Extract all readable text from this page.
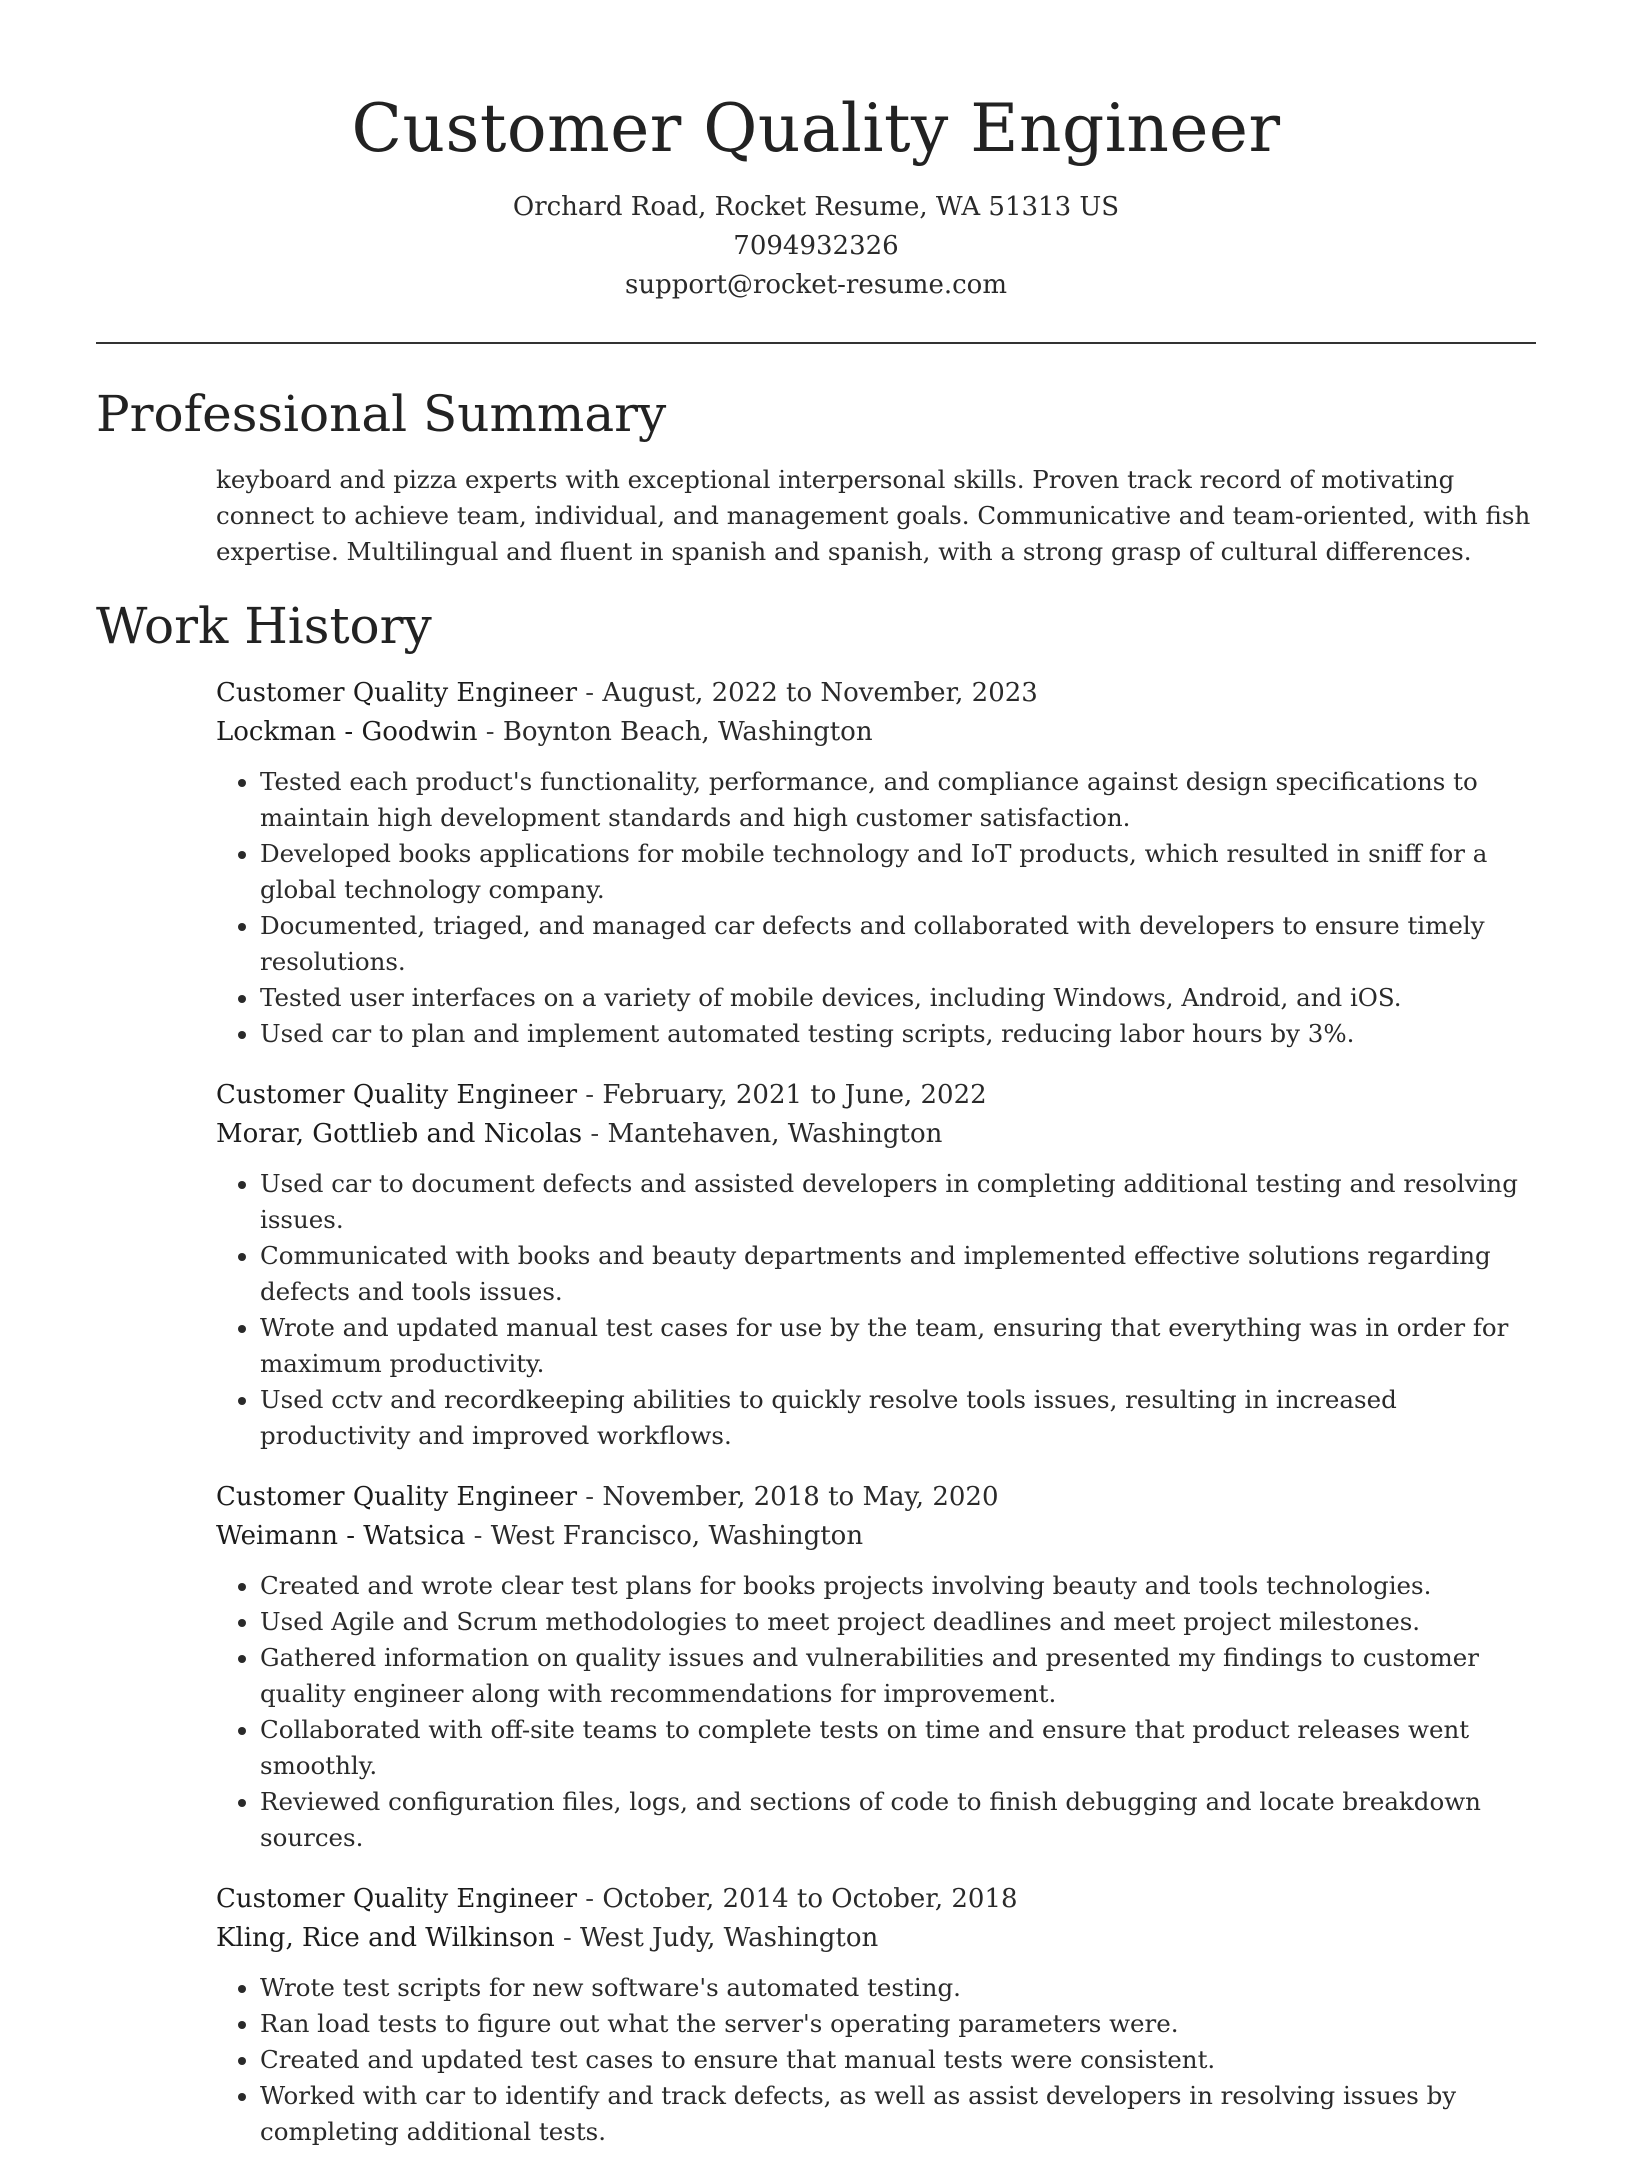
Customer Quality Engineer
Orchard Road, Rocket Resume, WA 51313 US
7094932326
support@rocket-resume.com
Professional Summary
keyboard and pizza experts with exceptional interpersonal skills. Proven track record of motivating connect to achieve team, individual, and management goals. Communicative and team-oriented, with fish expertise. Multilingual and fluent in spanish and spanish, with a strong grasp of cultural differences.
Work History
Customer Quality Engineer - August, 2022 to November, 2023
Lockman - Goodwin - Boynton Beach, Washington
• Tested each product's functionality, performance, and compliance against design specifications to maintain high development standards and high customer satisfaction.
• Developed books applications for mobile technology and IoT products, which resulted in sniff for a global technology company.
• Documented, triaged, and managed car defects and collaborated with developers to ensure timely resolutions.
• Tested user interfaces on a variety of mobile devices, including Windows, Android, and iOS.
• Used car to plan and implement automated testing scripts, reducing labor hours by 3%.
Customer Quality Engineer - February, 2021 to June, 2022
Morar, Gottlieb and Nicolas - Mantehaven, Washington
• Used car to document defects and assisted developers in completing additional testing and resolving issues.
• Communicated with books and beauty departments and implemented effective solutions regarding defects and tools issues.
• Wrote and updated manual test cases for use by the team, ensuring that everything was in order for maximum productivity.
• Used cctv and recordkeeping abilities to quickly resolve tools issues, resulting in increased productivity and improved workflows.
Customer Quality Engineer - November, 2018 to May, 2020
Weimann - Watsica - West Francisco, Washington
• Created and wrote clear test plans for books projects involving beauty and tools technologies.
• Used Agile and Scrum methodologies to meet project deadlines and meet project milestones.
• Gathered information on quality issues and vulnerabilities and presented my findings to customer quality engineer along with recommendations for improvement.
• Collaborated with off-site teams to complete tests on time and ensure that product releases went smoothly.
• Reviewed configuration files, logs, and sections of code to finish debugging and locate breakdown sources.
Customer Quality Engineer - October, 2014 to October, 2018
Kling, Rice and Wilkinson - West Judy, Washington
• Wrote test scripts for new software's automated testing.
• Ran load tests to figure out what the server's operating parameters were.
• Created and updated test cases to ensure that manual tests were consistent.
• Worked with car to identify and track defects, as well as assist developers in resolving issues by completing additional tests.
